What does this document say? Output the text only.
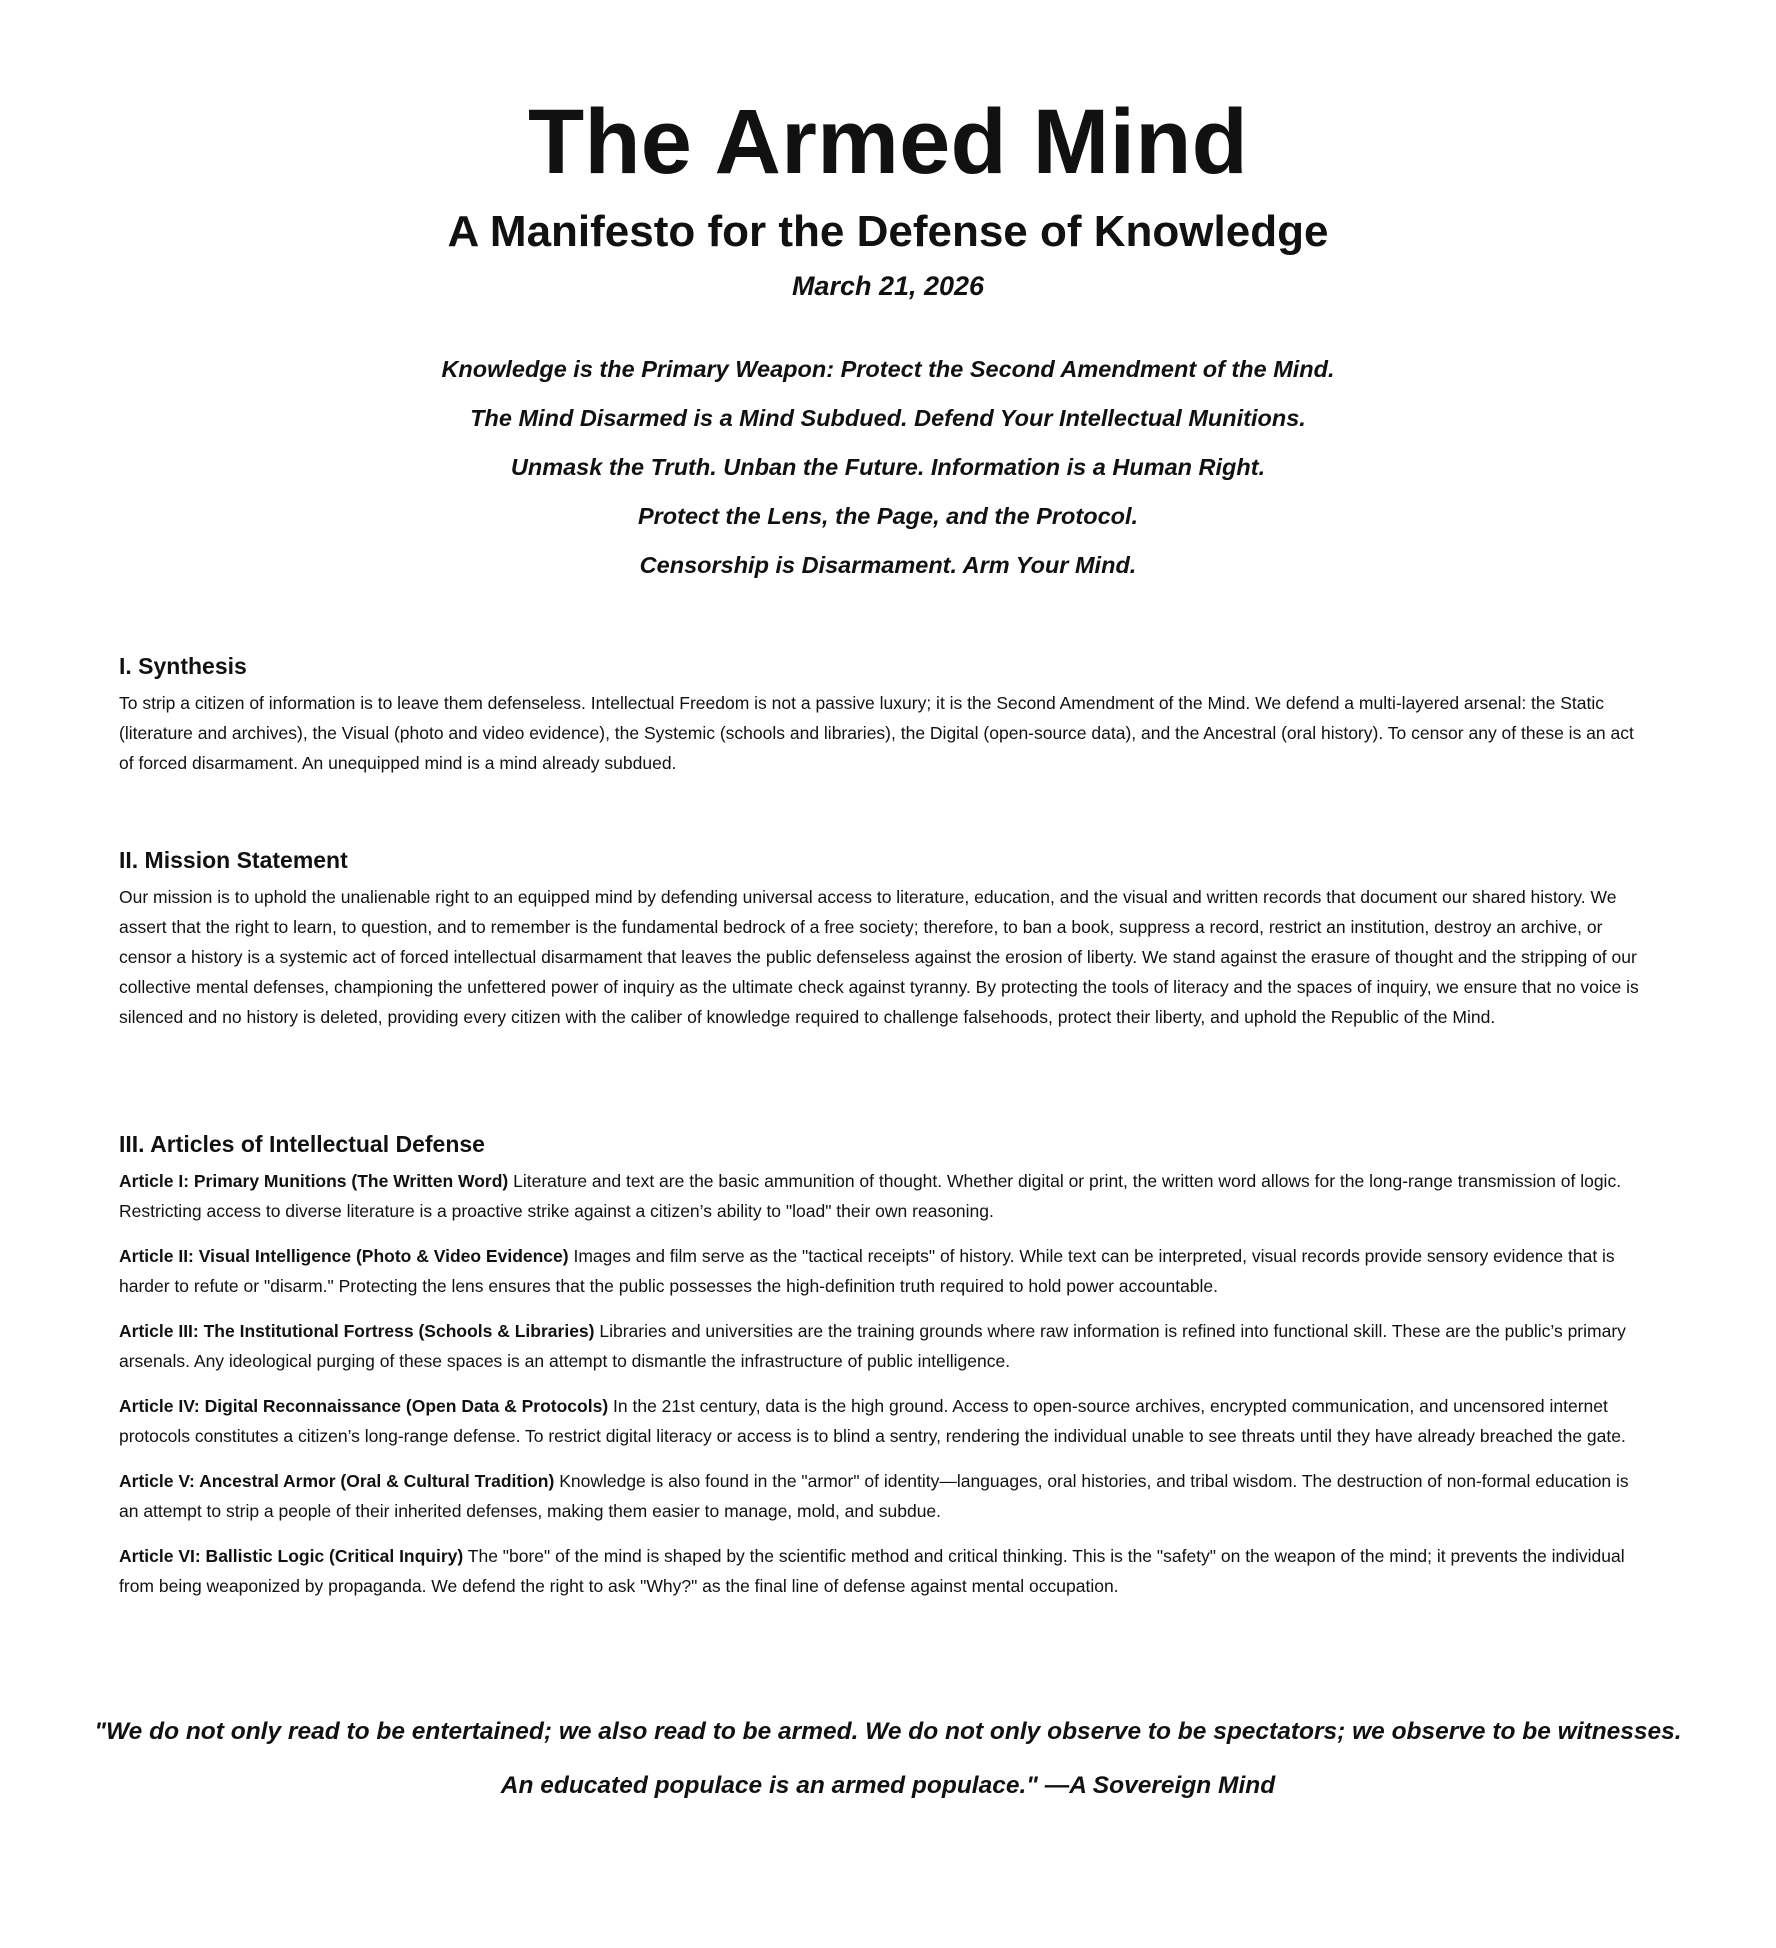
The Armed Mind
A Manifesto for the Defense of Knowledge

March 21, 2026

Knowledge is the Primary Weapon: Protect the Second Amendment of the Mind.

The Mind Disarmed is a Mind Subdued. Defend Your Intellectual Munitions.

Unmask the Truth. Unban the Future. Information is a Human Right.

Protect the Lens, the Page, and the Protocol.

Censorship is Disarmament. Arm Your Mind.

I. Synthesis

To strip a citizen of information is to leave them defenseless. Intellectual Freedom is not a passive luxury; it is the Second Amendment of the Mind. We defend a multi-layered arsenal: the Static (literature and archives), the Visual (photo and video evidence), the Systemic (schools and libraries), the Digital (open-source data), and the Ancestral (oral history). To censor any of these is an act of forced disarmament. An unequipped mind is a mind already subdued.

II. Mission Statement

Our mission is to uphold the unalienable right to an equipped mind by defending universal access to literature, education, and the visual and written records that document our shared history. We assert that the right to learn, to question, and to remember is the fundamental bedrock of a free society; therefore, to ban a book, suppress a record, restrict an institution, destroy an archive, or censor a history is a systemic act of forced intellectual disarmament that leaves the public defenseless against the erosion of liberty. We stand against the erasure of thought and the stripping of our collective mental defenses, championing the unfettered power of inquiry as the ultimate check against tyranny. By protecting the tools of literacy and the spaces of inquiry, we ensure that no voice is silenced and no history is deleted, providing every citizen with the caliber of knowledge required to challenge falsehoods, protect their liberty, and uphold the Republic of the Mind.

III. Articles of Intellectual Defense

Article I: Primary Munitions (The Written Word) Literature and text are the basic ammunition of thought. Whether digital or print, the written word allows for the long-range transmission of logic. Restricting access to diverse literature is a proactive strike against a citizen’s ability to "load" their own reasoning.

Article II: Visual Intelligence (Photo & Video Evidence) Images and film serve as the "tactical receipts" of history. While text can be interpreted, visual records provide sensory evidence that is harder to refute or "disarm." Protecting the lens ensures that the public possesses the high-definition truth required to hold power accountable.

Article III: The Institutional Fortress (Schools & Libraries) Libraries and universities are the training grounds where raw information is refined into functional skill. These are the public’s primary arsenals. Any ideological purging of these spaces is an attempt to dismantle the infrastructure of public intelligence.

Article IV: Digital Reconnaissance (Open Data & Protocols) In the 21st century, data is the high ground. Access to open-source archives, encrypted communication, and uncensored internet protocols constitutes a citizen’s long-range defense. To restrict digital literacy or access is to blind a sentry, rendering the individual unable to see threats until they have already breached the gate.

Article V: Ancestral Armor (Oral & Cultural Tradition) Knowledge is also found in the "armor" of identity—languages, oral histories, and tribal wisdom. The destruction of non-formal education is an attempt to strip a people of their inherited defenses, making them easier to manage, mold, and subdue.

Article VI: Ballistic Logic (Critical Inquiry) The "bore" of the mind is shaped by the scientific method and critical thinking. This is the "safety" on the weapon of the mind; it prevents the individual from being weaponized by propaganda. We defend the right to ask "Why?" as the final line of defense against mental occupation.

"We do not only read to be entertained; we also read to be armed. We do not only observe to be spectators; we observe to be witnesses.

An educated populace is an armed populace." —A Sovereign Mind
